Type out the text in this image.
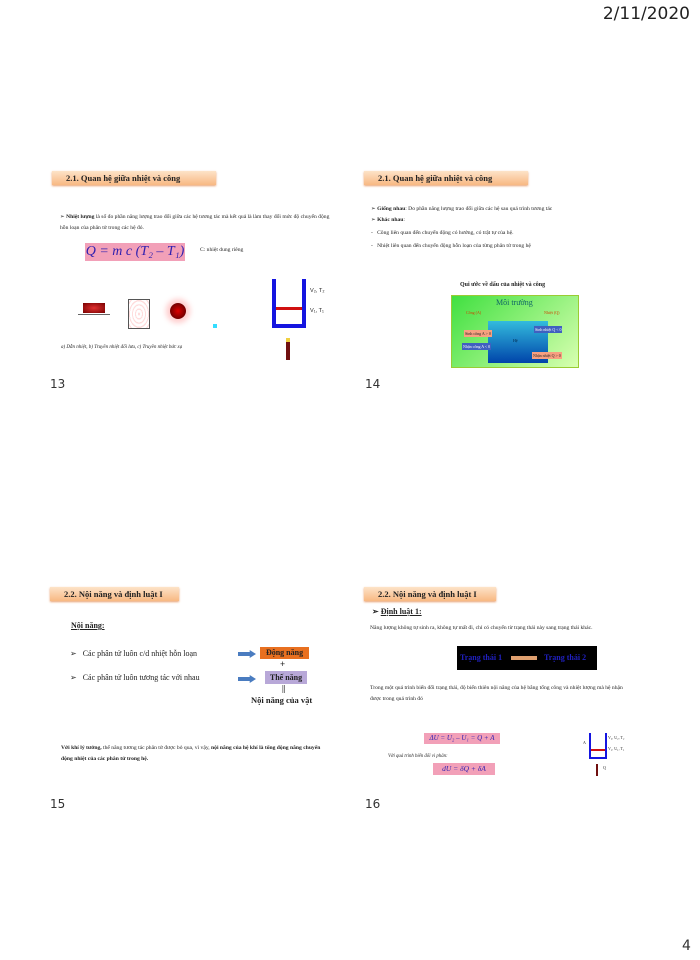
2/11/2020
2.1. Quan hệ giữa nhiệt và công
➢ Nhiệt lượng là số đo phần năng lượng trao đổi giữa các hệ tương tác mà kết quả là làm thay đổi mức độ chuyển động hỗn loạn của phân tử trong các hệ đó.
Q = m c (T₂ – T₁)	C: nhiệt dung riêng
a) Dẫn nhiệt, b) Truyền nhiệt đối lưu, c) Truyền nhiệt bức xạ
V₂, T₂
V₁, T₁
13
2.1. Quan hệ giữa nhiệt và công
➢ Giống nhau: Do phần năng lượng trao đổi giữa các hệ sau quá trình tương tác
➢ Khác nhau:
-   Công liên quan đến chuyển động có hướng, có trật tự của hệ.
-   Nhiệt liên quan đến chuyển động hỗn loạn của từng phân tử trong hệ
Qui ước về dấu của nhiệt và công
Môi trường
Công (A)	Nhiệt (Q)
Hệ
Sinh công A > 0
Nhận công A < 0
Sinh nhiệt Q < 0
Nhận nhiệt Q > 0
14
2.2. Nội năng và định luật I
Nội năng:
➢   Các phân tử luôn c/d nhiệt hỗn loạn
➢   Các phân tử luôn tương tác với nhau
Động năng
+
Thế năng
||
Nội năng của vật
Với khí lý tưởng, thế năng tương tác phân tử được bỏ qua, vì vậy, nội năng của hệ khí là tổng động năng chuyển động nhiệt của các phân tử trong hệ.
15
2.2. Nội năng và định luật I
➢ Định luật 1:
Năng lượng không tự sinh ra, không tự mất đi, chỉ có chuyển từ trạng thái này sang trạng thái khác.
Trạng thái 1	Trạng thái 2
Trong một quá trình biến đổi trạng thái, độ biến thiên nội năng của hệ bằng tổng công và nhiệt lượng mà hệ nhận được trong quá trình đó
ΔU = U₂ – U₁ = Q + A
Với quá trình biến đổi vi phân:
dU = δQ + δA
A
Q
V₂, U₂, T₂
V₁, U₁, T₁
16
4
